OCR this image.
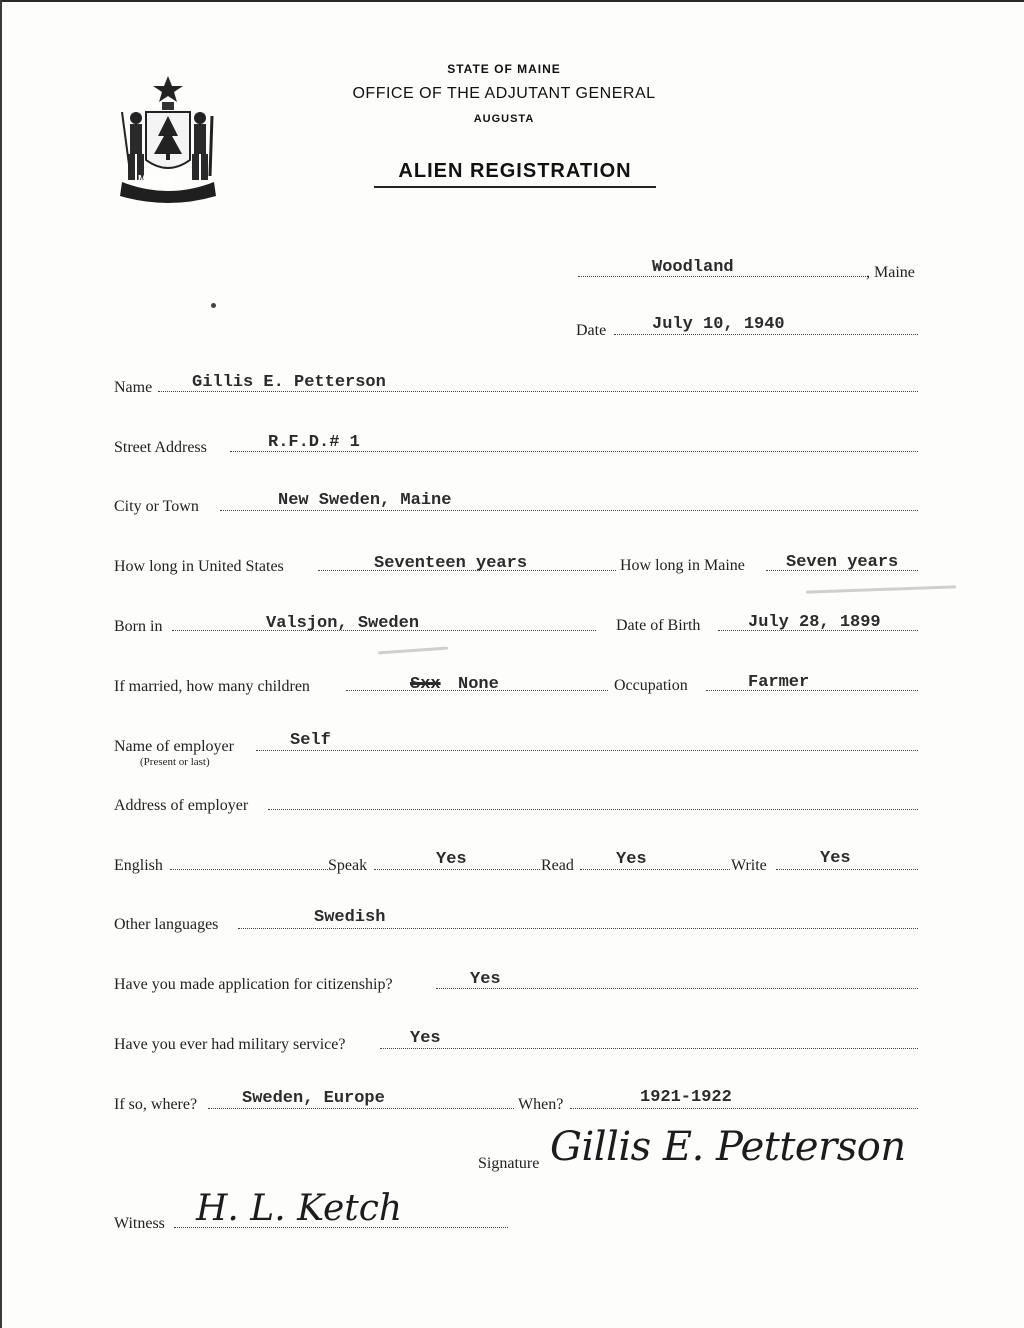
MAINE
STATE OF MAINE
OFFICE OF THE ADJUTANT GENERAL
AUGUSTA
ALIEN REGISTRATION
Woodland	, Maine
Date	July 10, 1940
Name Gillis E. Petterson
Street Address	R.F.D.# 1
City or Town	New Sweden, Maine
How long in United States	Seventeen years	How long in Maine Seven years
Born in	Valsjon, Sweden	Date of Birth	July 28, 1899
If married, how many children	Sxx None	Occupation	Farmer
Name of employer
(Present or last)
Self
Address of employer
English	Speak	Yes	Read Yes	Write	Yes
Other languages	Swedish
Have you made application for citizenship?	Yes
Have you ever had military service?	Yes
If so, where?	Sweden, Europe	When?	1921-1922
Signature Gillis E. Petterson
Witness H. L. Ketch
